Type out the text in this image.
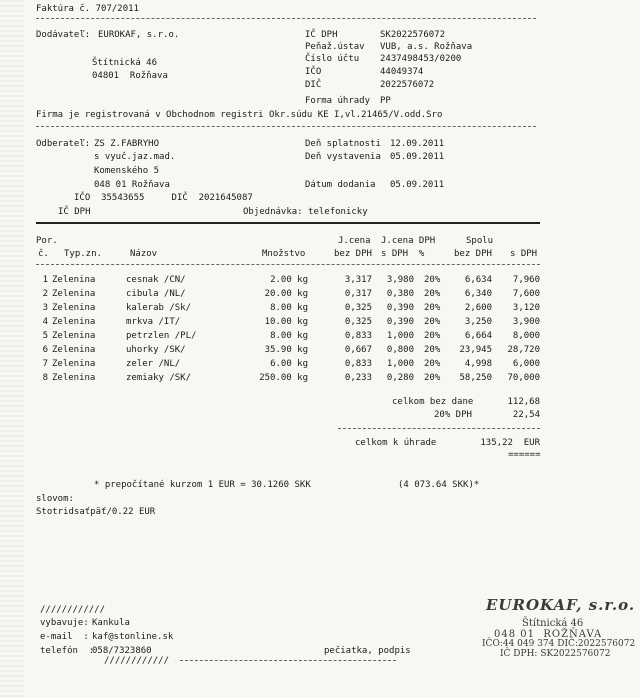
Faktúra č. 707/2011
Dodávateľ: EUROKAF, s.r.o.
Štítnická 46
04801  Rožňava
IČ DPH	SK2022576072
Peňaž.ústav VUB, a.s. Rožňava
Číslo účtu 2437498453/0200
IČO	44049374
DIČ	2022576072
Forma úhrady PP
Firma je registrovaná v Obchodnom registri Okr.súdu KE I,vl.21465/V.odd.Sro
Odberateľ: ZS Z.FABRYHO
s vyuč.jaz.mad.
Komenského 5
048 01 Rožňava
IČO  35543655     DIČ  2021645087
IČ DPH
Deň splatnosti 12.09.2011
Deň vystavenia 05.09.2011
Dátum dodania 05.09.2011
Objednávka: telefonicky
Por.
č. Typ.zn.	Názov	Množstvo
J.cena
bez DPH
J.cena DPH
s DPH  %
Spolu
bez DPH s DPH
1 Zelenina	cesnak /CN/	2.00 kg	3,317	3,980 20%	6,634	7,960
2 Zelenina	cibula /NL/	20.00 kg	0,317	0,380 20%	6,340	7,600
3 Zelenina	kalerab /Sk/	8.00 kg	0,325	0,390 20%	2,600	3,120
4 Zelenina	mrkva /IT/	10.00 kg	0,325	0,390 20%	3,250	3,900
5 Zelenina	petrzlen /PL/	8.00 kg	0,833	1,000 20%	6,664	8,000
6 Zelenina	uhorky /SK/	35.90 kg	0,667	0,800 20%	23,945	28,720
7 Zelenina	zeler /NL/	6.00 kg	0,833	1,000 20%	4,998	6,000
8 Zelenina	zemiaky /SK/	250.00 kg	0,233	0,280 20%	58,250	70,000
celkom bez dane	112,68
20% DPH	22,54
celkom k úhrade	135,22  EUR
======
* prepočítané kurzom 1 EUR = 30.1260 SKK	(4 073.64 SKK)*
slovom:
Stotridsaťpäť/0.22 EUR
////////////
vybavuje: Kankula
e-mail  : kaf@stonline.sk
telefón  :
058/7323860
////////////
pečiatka, podpis
EUROKAF, s.r.o.
Štítnická 46
048 01  ROŽŇAVA
IČO:44 049 374 DIČ:2022576072
IČ DPH: SK2022576072
